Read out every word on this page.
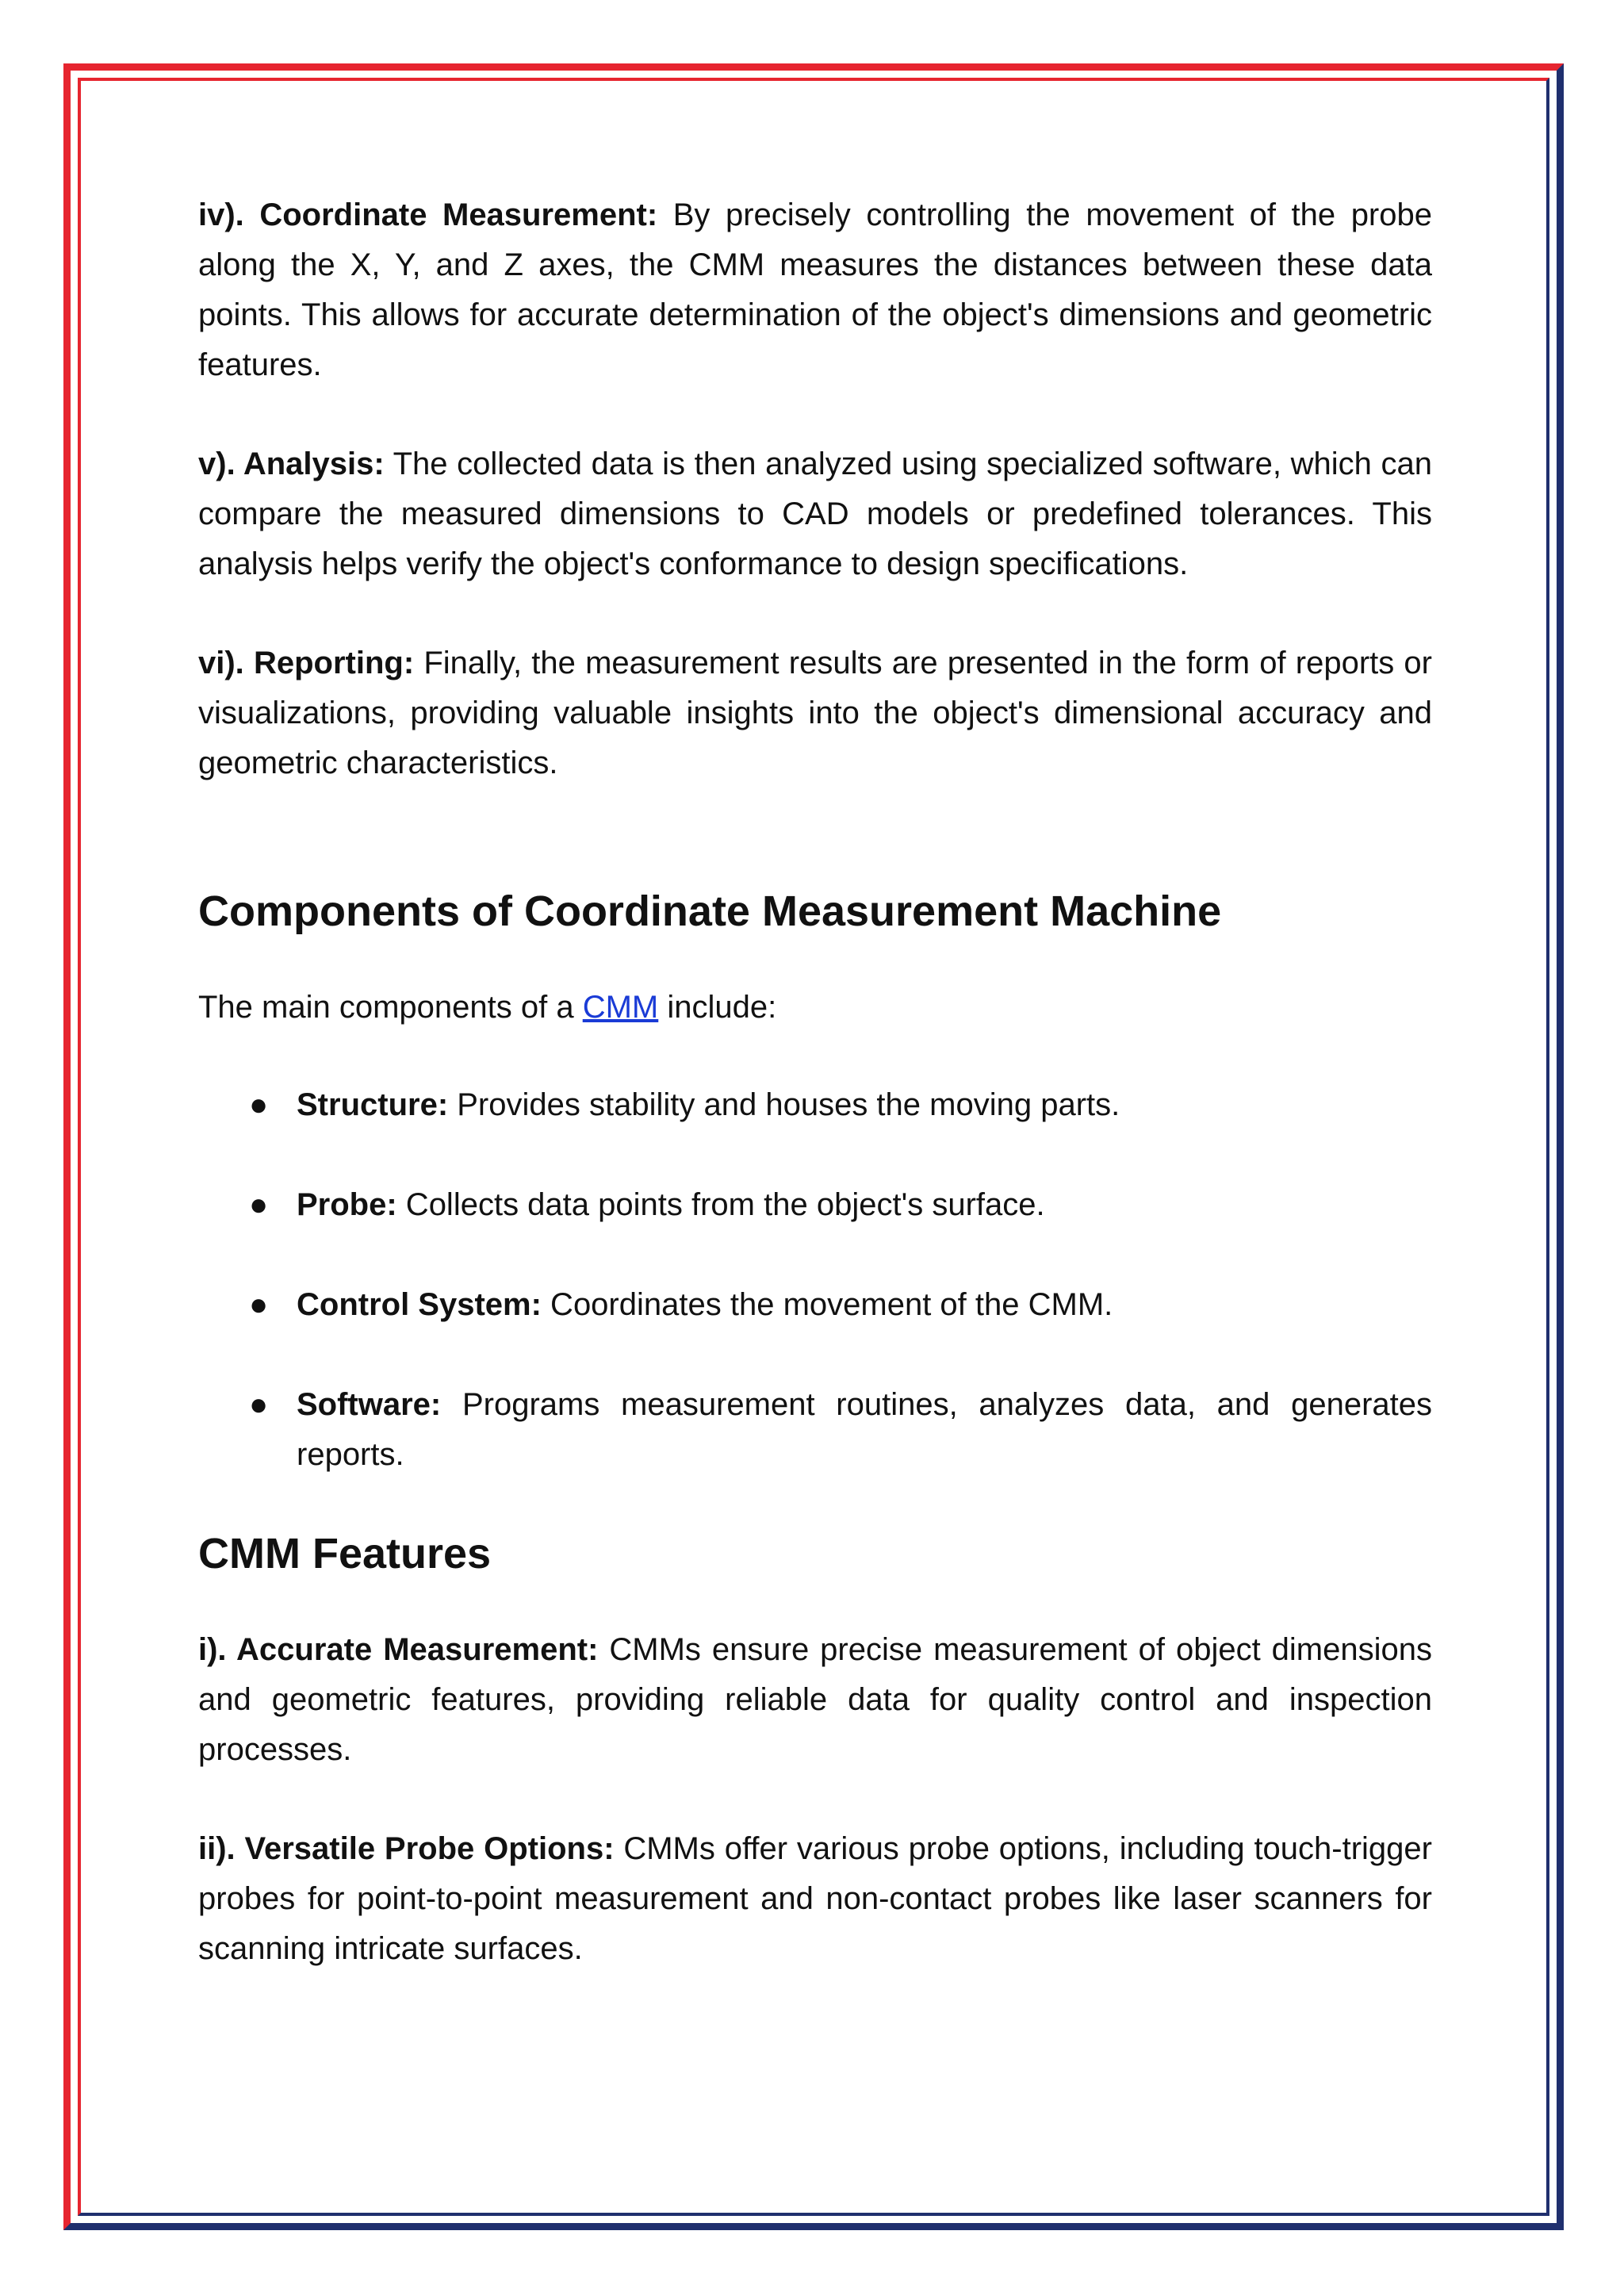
iv). Coordinate Measurement: By precisely controlling the movement of the probe along the X, Y, and Z axes, the CMM measures the distances between these data points. This allows for accurate determination of the object's dimensions and geometric features.

v). Analysis: The collected data is then analyzed using specialized software, which can compare the measured dimensions to CAD models or predefined tolerances. This analysis helps verify the object's conformance to design specifications.

vi). Reporting: Finally, the measurement results are presented in the form of reports or visualizations, providing valuable insights into the object's dimensional accuracy and geometric characteristics.

Components of Coordinate Measurement Machine

The main components of a CMM include:

● Structure: Provides stability and houses the moving parts.
● Probe: Collects data points from the object's surface.
● Control System: Coordinates the movement of the CMM.
● Software: Programs measurement routines, analyzes data, and generates reports.
CMM Features

i). Accurate Measurement: CMMs ensure precise measurement of object dimensions and geometric features, providing reliable data for quality control and inspection processes.

ii). Versatile Probe Options: CMMs offer various probe options, including touch-trigger probes for point-to-point measurement and non-contact probes like laser scanners for scanning intricate surfaces.
